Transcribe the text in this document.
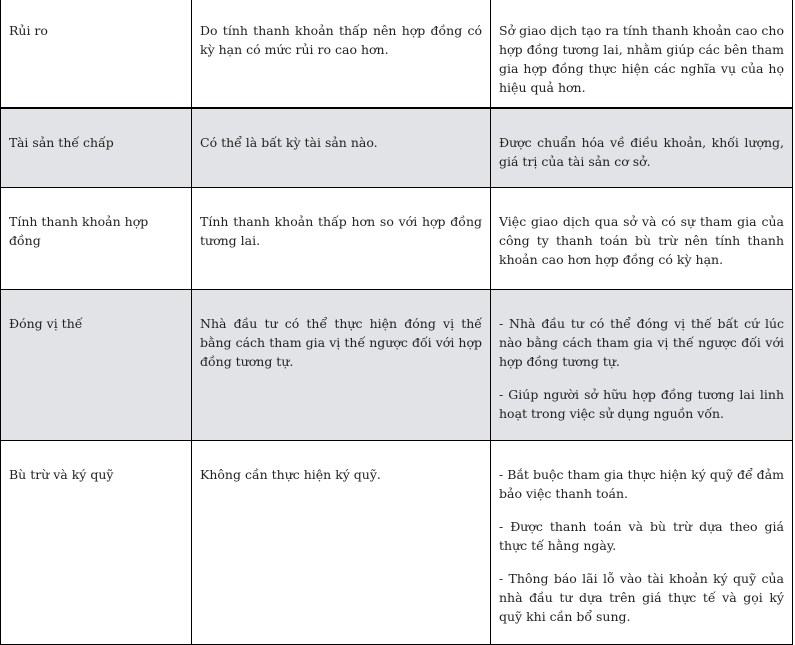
Rủi ro	Do tính thanh khoản thấp nên hợp đồng có kỳ hạn có mức rủi ro cao hơn.	Sở giao dịch tạo ra tính thanh khoản cao cho hợp đồng tương lai, nhằm giúp các bên tham gia hợp đồng thực hiện các nghĩa vụ của họ hiệu quả hơn.

Tài sản thế chấp	Có thể là bất kỳ tài sản nào.	Được chuẩn hóa về điều khoản, khối lượng, giá trị của tài sản cơ sở.

Tính thanh khoản hợp đồng	Tính thanh khoản thấp hơn so với hợp đồng tương lai.	Việc giao dịch qua sở và có sự tham gia của công ty thanh toán bù trừ nên tính thanh khoản cao hơn hợp đồng có kỳ hạn.

Đóng vị thế	Nhà đầu tư có thể thực hiện đóng vị thế bằng cách tham gia vị thế ngược đối với hợp đồng tương tự.	- Nhà đầu tư có thể đóng vị thế bất cứ lúc nào bằng cách tham gia vị thế ngược đối với hợp đồng tương tự.

- Giúp người sở hữu hợp đồng tương lai linh hoạt trong việc sử dụng nguồn vốn.

Bù trừ và ký quỹ	Không cần thực hiện ký quỹ.	- Bắt buộc tham gia thực hiện ký quỹ để đảm bảo việc thanh toán.

- Được thanh toán và bù trừ dựa theo giá thực tế hằng ngày.

- Thông báo lãi lỗ vào tài khoản ký quỹ của nhà đầu tư dựa trên giá thực tế và gọi ký quỹ khi cần bổ sung.
